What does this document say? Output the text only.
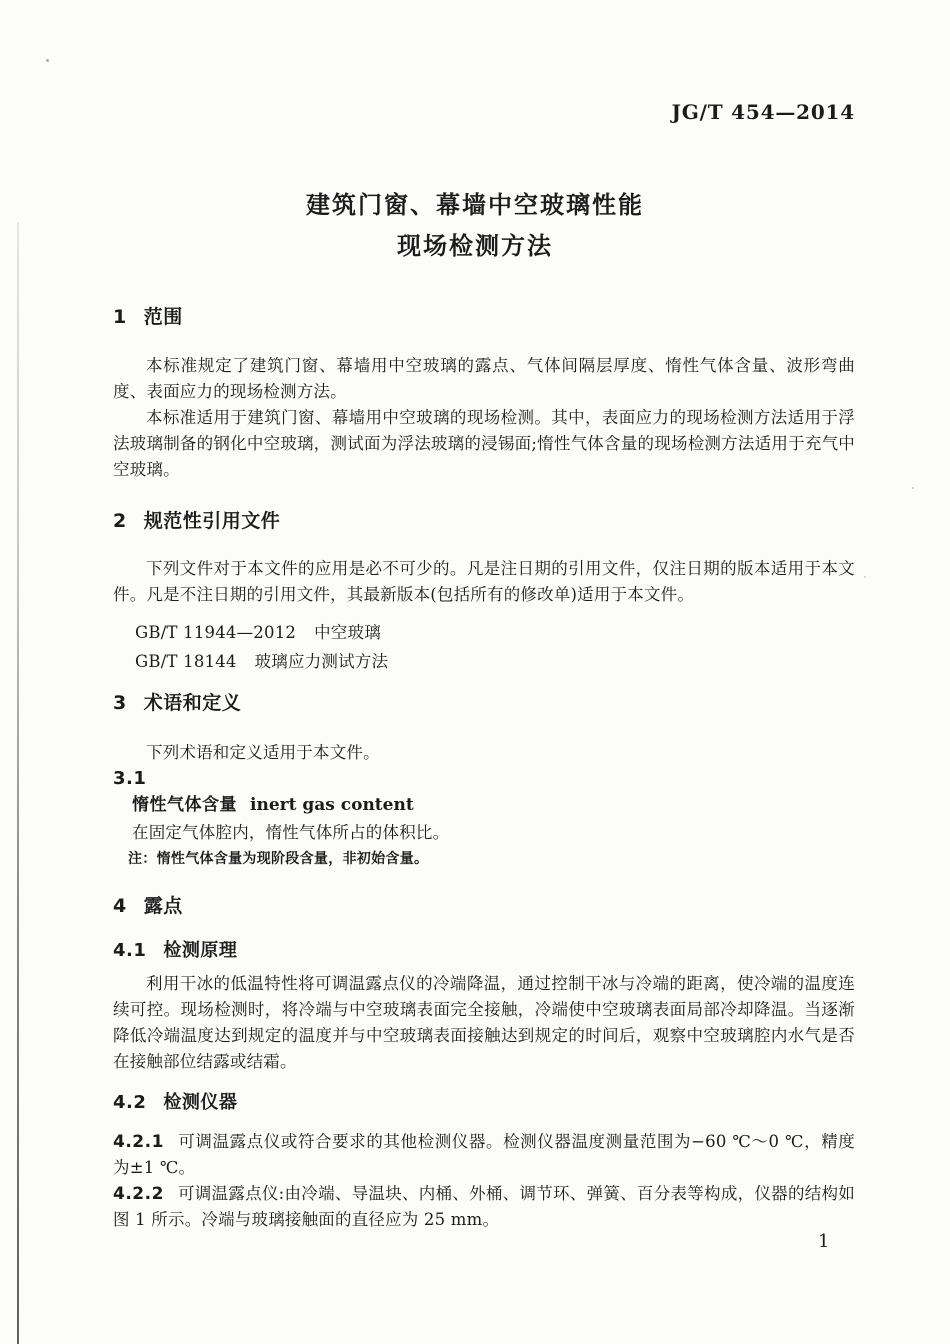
JG/T 454—2014
建筑门窗、幕墙中空玻璃性能
现场检测方法
1 范围

本标准规定了建筑门窗、幕墙用中空玻璃的露点、气体间隔层厚度、惰性气体含量、波形弯曲度、表面应力的现场检测方法。

本标准适用于建筑门窗、幕墙用中空玻璃的现场检测。其中，表面应力的现场检测方法适用于浮法玻璃制备的钢化中空玻璃，测试面为浮法玻璃的浸锡面;惰性气体含量的现场检测方法适用于充气中空玻璃。

2 规范性引用文件

下列文件对于本文件的应用是必不可少的。凡是注日期的引用文件，仅注日期的版本适用于本文件。凡是不注日期的引用文件，其最新版本(包括所有的修改单)适用于本文件。

GB/T 11944—2012 中空玻璃
GB/T 18144 玻璃应力测试方法
3 术语和定义

下列术语和定义适用于本文件。

3.1
惰性气体含量 inert gas content
在固定气体腔内，惰性气体所占的体积比。
注：惰性气体含量为现阶段含量，非初始含量。
4 露点
4.1 检测原理

利用干冰的低温特性将可调温露点仪的冷端降温，通过控制干冰与冷端的距离，使冷端的温度连续可控。现场检测时，将冷端与中空玻璃表面完全接触，冷端使中空玻璃表面局部冷却降温。当逐渐降低冷端温度达到规定的温度并与中空玻璃表面接触达到规定的时间后，观察中空玻璃腔内水气是否在接触部位结露或结霜。

4.2 检测仪器

4.2.1 可调温露点仪或符合要求的其他检测仪器。检测仪器温度测量范围为−60 ℃～0 ℃，精度为±1 ℃。

4.2.2 可调温露点仪:由冷端、导温块、内桶、外桶、调节环、弹簧、百分表等构成，仪器的结构如图 1 所示。冷端与玻璃接触面的直径应为 25 mm。

1
